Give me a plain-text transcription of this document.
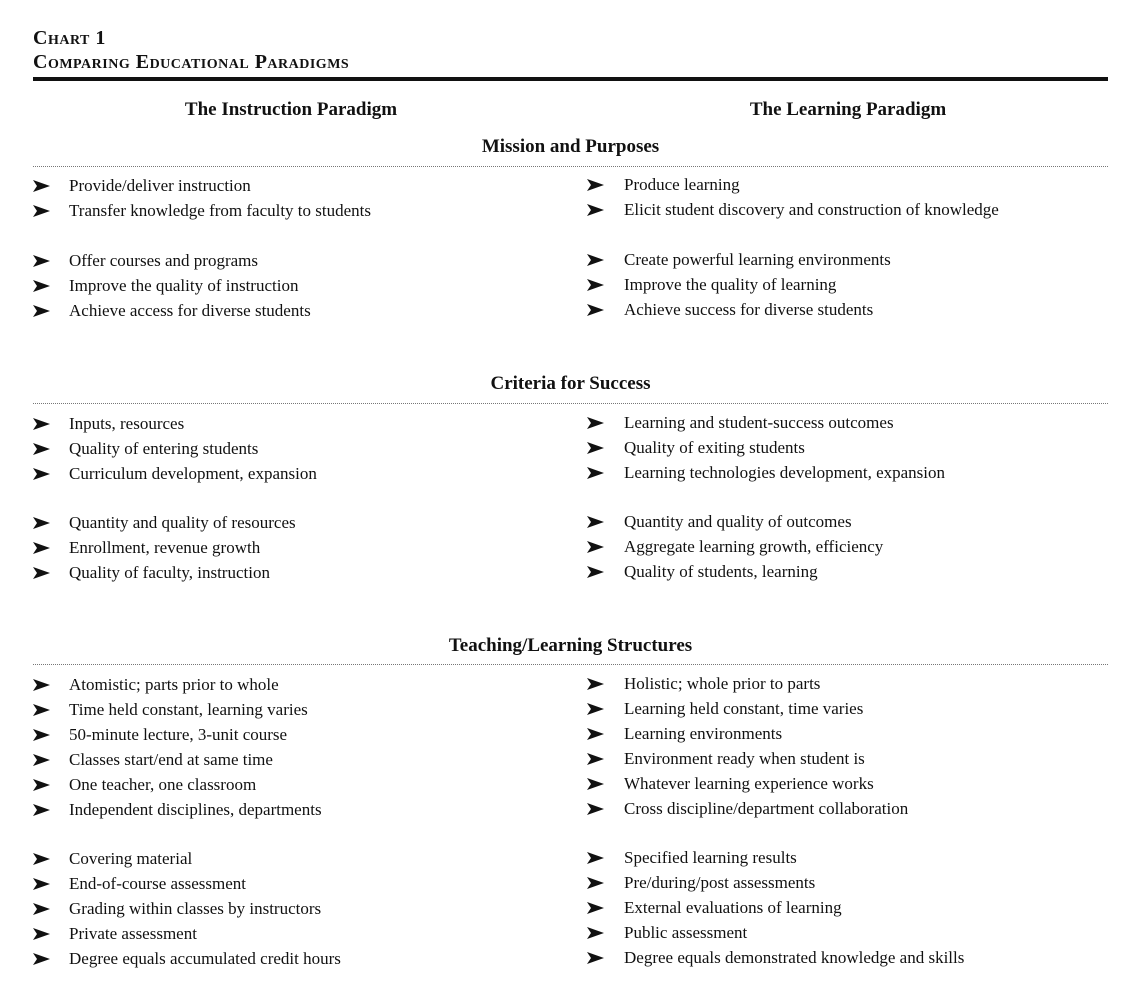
Chart 1
Comparing Educational Paradigms
The Instruction Paradigm	The Learning Paradigm
Mission and Purposes
Provide/deliver instruction
Transfer knowledge from faculty to students
Produce learning
Elicit student discovery and construction of knowledge
Offer courses and programs
Improve the quality of instruction
Achieve access for diverse students
Create powerful learning environments
Improve the quality of learning
Achieve success for diverse students
Criteria for Success
Inputs, resources
Quality of entering students
Curriculum development, expansion
Learning and student-success outcomes
Quality of exiting students
Learning technologies development, expansion
Quantity and quality of resources
Enrollment, revenue growth
Quality of faculty, instruction
Quantity and quality of outcomes
Aggregate learning growth, efficiency
Quality of students, learning
Teaching/Learning Structures
Atomistic; parts prior to whole
Time held constant, learning varies
50-minute lecture, 3-unit course
Classes start/end at same time
One teacher, one classroom
Independent disciplines, departments
Holistic; whole prior to parts
Learning held constant, time varies
Learning environments
Environment ready when student is
Whatever learning experience works
Cross discipline/department collaboration
Covering material
End-of-course assessment
Grading within classes by instructors
Private assessment
Degree equals accumulated credit hours
Specified learning results
Pre/during/post assessments
External evaluations of learning
Public assessment
Degree equals demonstrated knowledge and skills
